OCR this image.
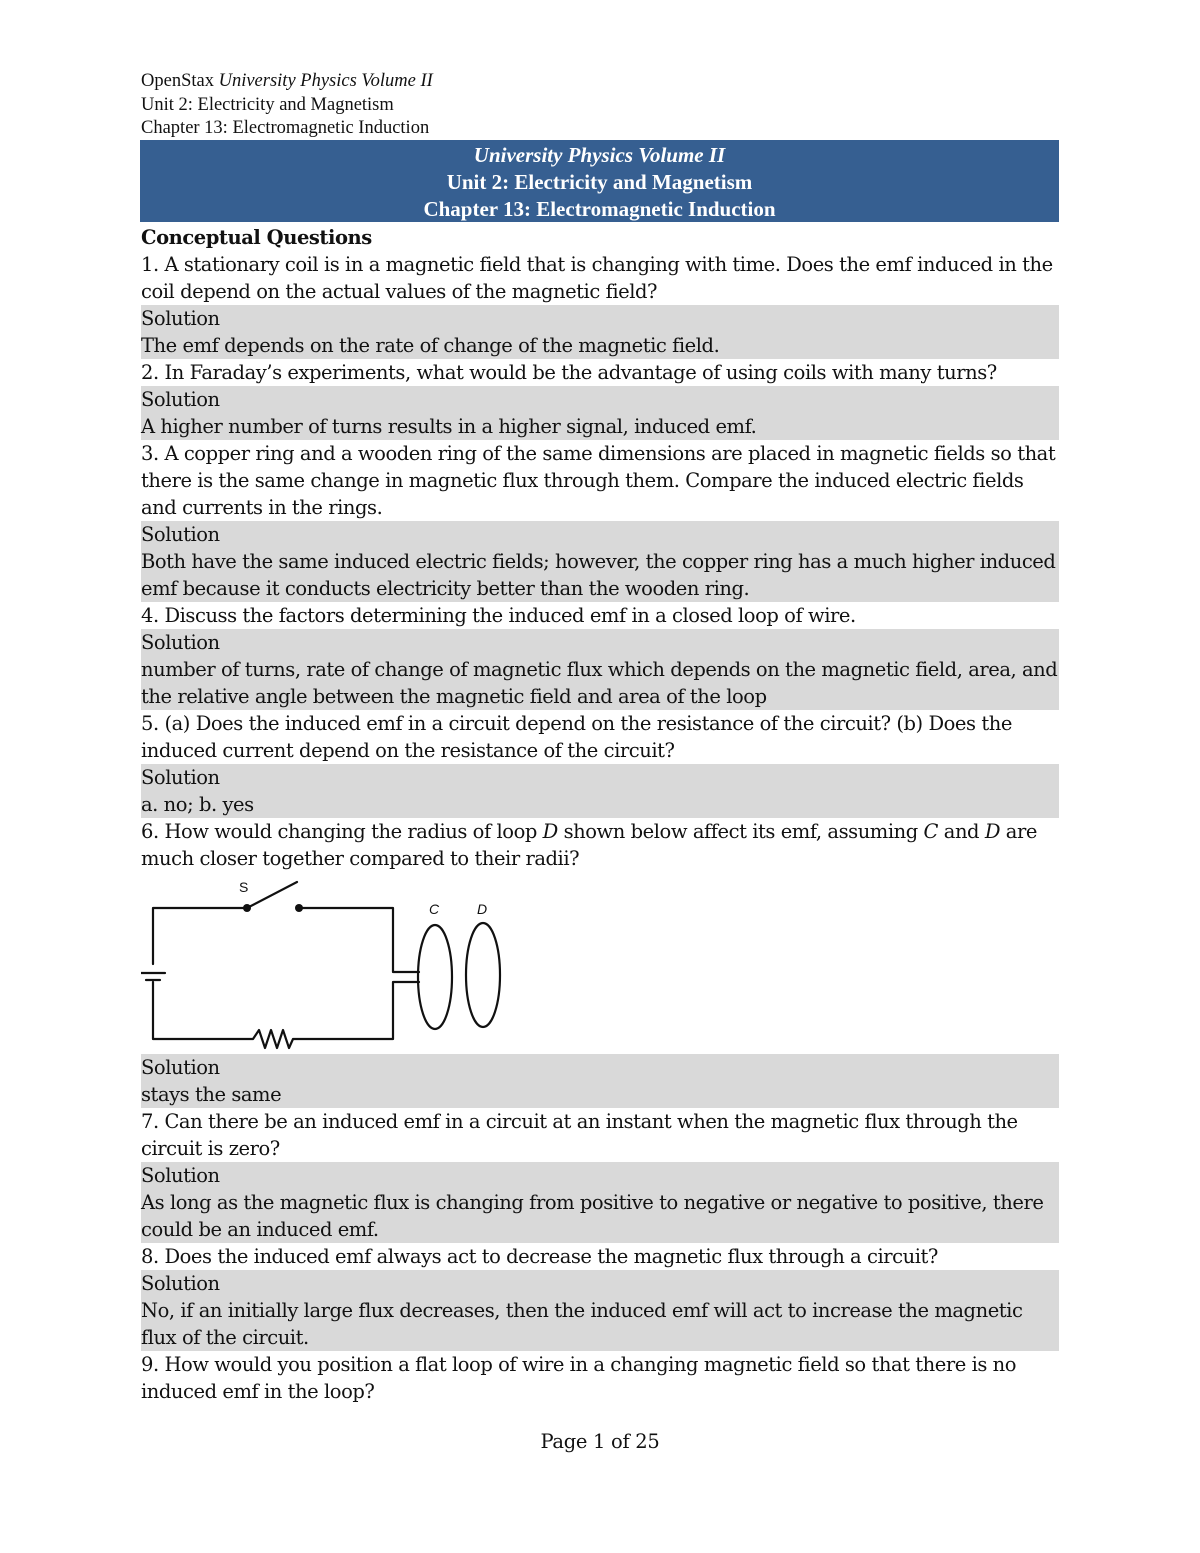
OpenStax University Physics Volume II
Unit 2: Electricity and Magnetism
Chapter 13: Electromagnetic Induction
University Physics Volume II
Unit 2: Electricity and Magnetism
Chapter 13: Electromagnetic Induction
Conceptual Questions

1. A stationary coil is in a magnetic field that is changing with time. Does the emf induced in the coil depend on the actual values of the magnetic field?

Solution
The emf depends on the rate of change of the magnetic field.

2. In Faraday’s experiments, what would be the advantage of using coils with many turns?

Solution
A higher number of turns results in a higher signal, induced emf.

3. A copper ring and a wooden ring of the same dimensions are placed in magnetic fields so that there is the same change in magnetic flux through them. Compare the induced electric fields and currents in the rings.

Solution
Both have the same induced electric fields; however, the copper ring has a much higher induced emf because it conducts electricity better than the wooden ring.

4. Discuss the factors determining the induced emf in a closed loop of wire.

Solution
number of turns, rate of change of magnetic flux which depends on the magnetic field, area, and the relative angle between the magnetic field and area of the loop

5. (a) Does the induced emf in a circuit depend on the resistance of the circuit? (b) Does the induced current depend on the resistance of the circuit?

Solution
a. no; b. yes

6. How would changing the radius of loop D shown below affect its emf, assuming C and D are much closer together compared to their radii?

S
C	D
Solution
stays the same

7. Can there be an induced emf in a circuit at an instant when the magnetic flux through the circuit is zero?

Solution
As long as the magnetic flux is changing from positive to negative or negative to positive, there could be an induced emf.

8. Does the induced emf always act to decrease the magnetic flux through a circuit?

Solution
No, if an initially large flux decreases, then the induced emf will act to increase the magnetic flux of the circuit.

9. How would you position a flat loop of wire in a changing magnetic field so that there is no induced emf in the loop?

Page 1 of 25
